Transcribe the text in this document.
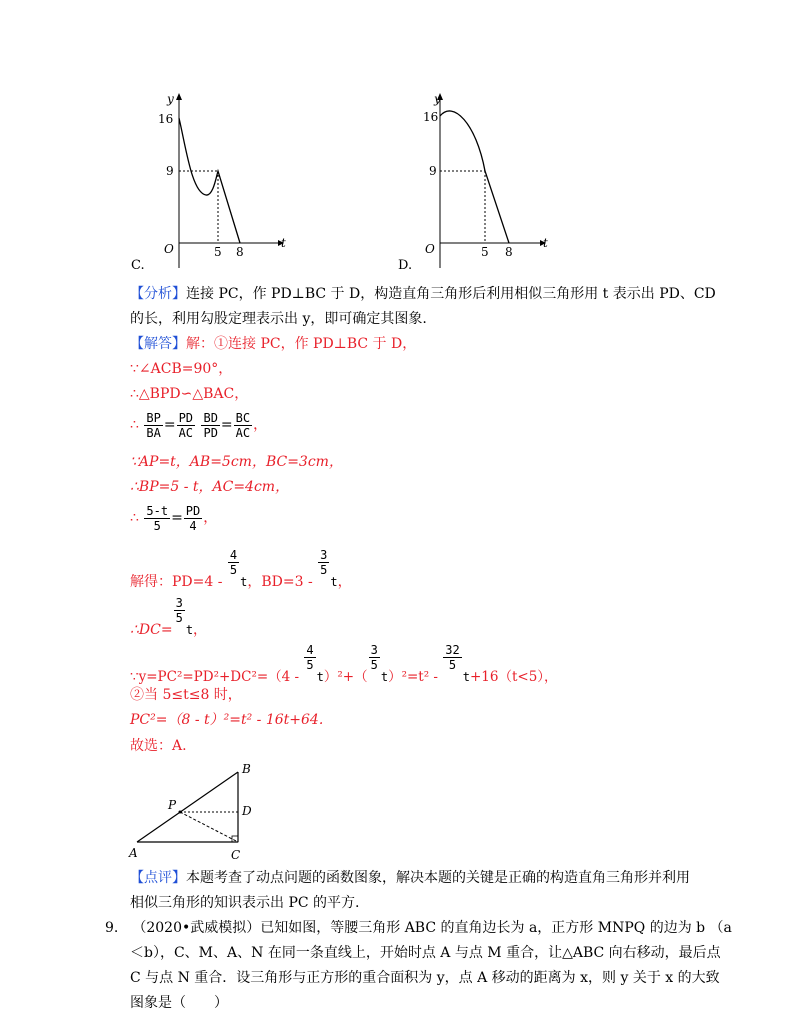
y
t
O
16
9
5 8
C.
y
t
O
16
9
5 8
D.
【分析】连接 PC，作 PD⊥BC 于 D，构造直角三角形后利用相似三角形用 t 表示出 PD、CD
的长，利用勾股定理表示出 y，即可确定其图象.
【解答】解：①连接 PC，作 PD⊥BC 于 D，
∵∠ACB=90°，
∴△BPD∽△BAC，
∴ $\frac{BP}{BA} = \frac{PD}{AC}$
$\frac{BD}{PD} = \frac{BC}{AC}$ ，
∵AP=t，AB=5cm，BC=3cm，
∴BP=5 - t，AC=4cm，
∴ $\frac{5-t}{5} = \frac{PD}{4}$ ，
解得：PD=4 -
$\frac{4}{5}$
t，BD=3 -
$\frac{3}{5}$
t，
∴DC=
$\frac{3}{5}$
t，
∵y=PC²=PD²+DC²=（4 -
$\frac{4}{5}$
t）²+（
$\frac{3}{5}$
t）²=t² -
$\frac{32}{5}$
t+16（t<5），
②当 5≤t≤8 时，
PC²=（8 - t）²=t² - 16t+64.
故选：A.
B
P	D
A	C
【点评】本题考查了动点问题的函数图象，解决本题的关键是正确的构造直角三角形并利用
相似三角形的知识表示出 PC 的平方.
9. （2020•武威模拟）已知如图，等腰三角形 ABC 的直角边长为 a，正方形 MNPQ 的边为 b （a
＜b），C、M、A、N 在同一条直线上，开始时点 A 与点 M 重合，让△ABC 向右移动，最后点
C 与点 N 重合．设三角形与正方形的重合面积为 y，点 A 移动的距离为 x，则 y 关于 x 的大致
图象是（　　）
